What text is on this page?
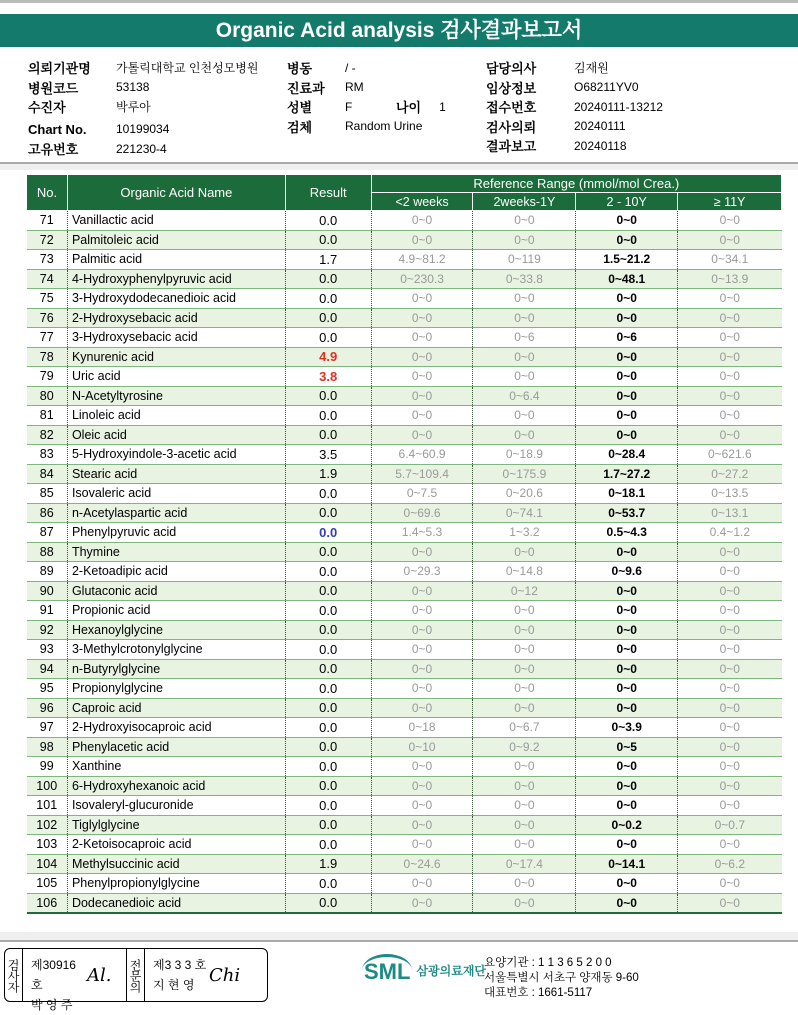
Organic Acid analysis 검사결과보고서
의뢰기관명	가톨릭대학교 인천성모병원
병원코드	53138
수진자	박루아
Chart No.	10199034
고유번호	221230-4
병동	/ -
진료과	RM
성별	F
검체	Random Urine
담당의사	김재원
임상정보	O68211YV0
접수번호	20240111-13212
검사의뢰	20240111
결과보고	20240118
나이 1
No.	Organic Acid Name	Result	Reference Range (mmol/mol Crea.)			
			<2 weeks	2weeks-1Y	2 - 10Y	≥ 11Y
71	Vanillactic acid	0.0	0~0	0~0	0~0	0~0
72	Palmitoleic acid	0.0	0~0	0~0	0~0	0~0
73	Palmitic acid	1.7	4.9~81.2	0~119	1.5~21.2	0~34.1
74	4-Hydroxyphenylpyruvic acid	0.0	0~230.3	0~33.8	0~48.1	0~13.9
75	3-Hydroxydodecanedioic acid	0.0	0~0	0~0	0~0	0~0
76	2-Hydroxysebacic acid	0.0	0~0	0~0	0~0	0~0
77	3-Hydroxysebacic acid	0.0	0~0	0~6	0~6	0~0
78	Kynurenic acid	4.9	0~0	0~0	0~0	0~0
79	Uric acid	3.8	0~0	0~0	0~0	0~0
80	N-Acetyltyrosine	0.0	0~0	0~6.4	0~0	0~0
81	Linoleic acid	0.0	0~0	0~0	0~0	0~0
82	Oleic acid	0.0	0~0	0~0	0~0	0~0
83	5-Hydroxyindole-3-acetic acid	3.5	6.4~60.9	0~18.9	0~28.4	0~621.6
84	Stearic acid	1.9	5.7~109.4	0~175.9	1.7~27.2	0~27.2
85	Isovaleric acid	0.0	0~7.5	0~20.6	0~18.1	0~13.5
86	n-Acetylaspartic acid	0.0	0~69.6	0~74.1	0~53.7	0~13.1
87	Phenylpyruvic acid	0.0	1.4~5.3	1~3.2	0.5~4.3	0.4~1.2
88	Thymine	0.0	0~0	0~0	0~0	0~0
89	2-Ketoadipic acid	0.0	0~29.3	0~14.8	0~9.6	0~0
90	Glutaconic acid	0.0	0~0	0~12	0~0	0~0
91	Propionic acid	0.0	0~0	0~0	0~0	0~0
92	Hexanoylglycine	0.0	0~0	0~0	0~0	0~0
93	3-Methylcrotonylglycine	0.0	0~0	0~0	0~0	0~0
94	n-Butyrylglycine	0.0	0~0	0~0	0~0	0~0
95	Propionylglycine	0.0	0~0	0~0	0~0	0~0
96	Caproic acid	0.0	0~0	0~0	0~0	0~0
97	2-Hydroxyisocaproic acid	0.0	0~18	0~6.7	0~3.9	0~0
98	Phenylacetic acid	0.0	0~10	0~9.2	0~5	0~0
99	Xanthine	0.0	0~0	0~0	0~0	0~0
100	6-Hydroxyhexanoic acid	0.0	0~0	0~0	0~0	0~0
101	Isovaleryl-glucuronide	0.0	0~0	0~0	0~0	0~0
102	Tiglylglycine	0.0	0~0	0~0	0~0.2	0~0.7
103	2-Ketoisocaproic acid	0.0	0~0	0~0	0~0	0~0
104	Methylsuccinic acid	1.9	0~24.6	0~17.4	0~14.1	0~6.2
105	Phenylpropionylglycine	0.0	0~0	0~0	0~0	0~0
106	Dodecanedioic acid	0.0	0~0	0~0	0~0	0~0
검사자 제30916호
박 영 주
Al.	전문의 제3 3 3 호
지 현 영 Chi	SML 삼광의료재단
요양기관 : 1 1 3 6 5 2 0 0
서울특별시 서초구 양재동 9-60
대표번호 : 1661-5117
